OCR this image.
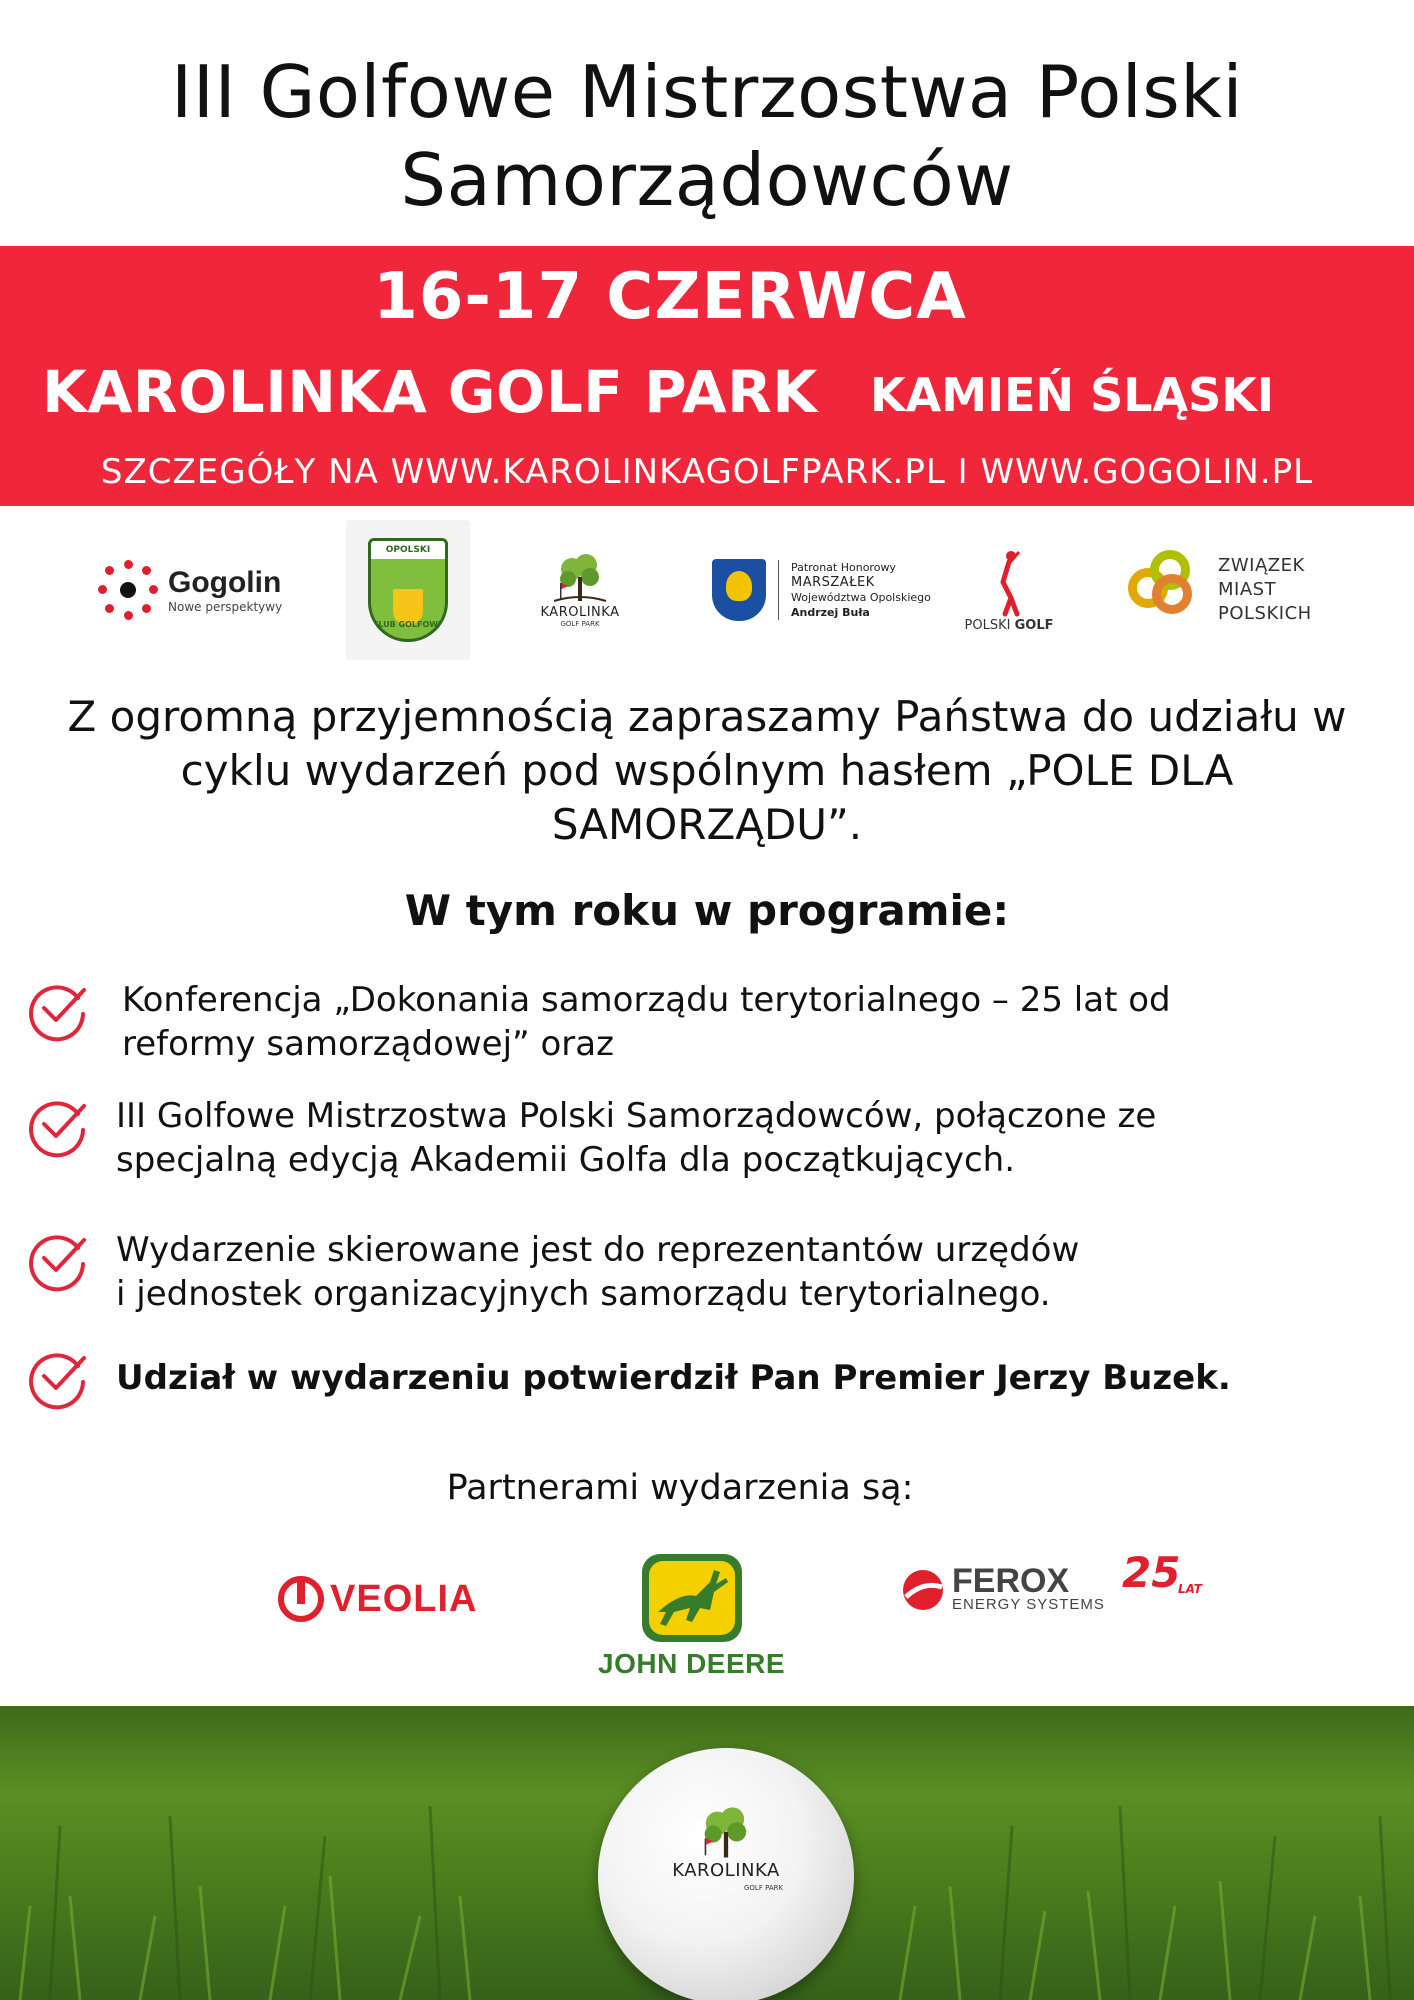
III Golfowe Mistrzostwa Polski
Samorządowców
16-17 CZERWCA
KAROLINKA GOLF PARK KAMIEŃ ŚLĄSKI
SZCZEGÓŁY NA WWW.KAROLINKAGOLFPARK.PL I WWW.GOGOLIN.PL
Gogolin
Nowe perspektywy
OPOLSKI
KLUB GOLFOWY
KAROLINKA
GOLF PARK
Patronat Honorowy
MARSZAŁEK
Województwa Opolskiego
Andrzej Buła
POLSKI GOLF
ZWIĄZEK
MIAST
POLSKICH

Z ogromną przyjemnością zapraszamy Państwa do udziału w cyklu wydarzeń pod wspólnym hasłem „POLE DLA SAMORZĄDU”.

W tym roku w programie:
Konferencja „Dokonania samorządu terytorialnego – 25 lat od
reformy samorządowej” oraz
III Golfowe Mistrzostwa Polski Samorządowców, połączone ze
specjalną edycją Akademii Golfa dla początkujących.
Wydarzenie skierowane jest do reprezentantów urzędów
i jednostek organizacyjnych samorządu terytorialnego.
Udział w wydarzeniu potwierdził Pan Premier Jerzy Buzek.
Partnerami wydarzenia są:
VEOLIA
JOHN DEERE
FEROX
ENERGY SYSTEMS
25
LAT
KAROLINKA
GOLF PARK
